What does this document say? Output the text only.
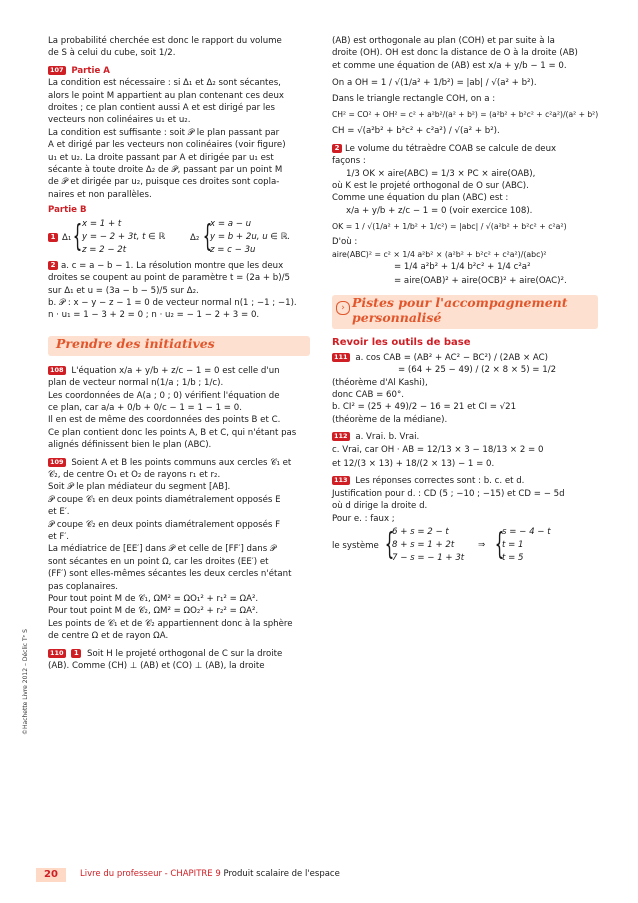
La probabilité cherchée est donc le rapport du volume

de S à celui du cube, soit 1/2.

107 Partie A

La condition est nécessaire : si Δ₁ et Δ₂ sont sécantes,

alors le point M appartient au plan contenant ces deux

droites ; ce plan contient aussi A et est dirigé par les

vecteurs non colinéaires u₁ et u₂.

La condition est suffisante : soit 𝒫 le plan passant par

A et dirigé par les vecteurs non colinéaires (voir figure)

u₁ et u₂. La droite passant par A et dirigée par u₁ est

sécante à toute droite Δ₂ de 𝒫, passant par un point M

de 𝒫 et dirigée par u₂, puisque ces droites sont copla-

naires et non parallèles.

Partie B

1 Δ₁ { x = 1 + t
y = − 2 + 3t, t ∈ ℝ
z = 2 − 2t
Δ₂ {
x = a − u
y = b + 2u, u ∈ ℝ.
z = c − 3u

2 a. c = a − b − 1. La résolution montre que les deux

droites se coupent au point de paramètre t = (2a + b)/5

sur Δ₁ et u = (3a − b − 5)/5 sur Δ₂.

b. 𝒫 : x − y − z − 1 = 0 de vecteur normal n(1 ; −1 ; −1).

n · u₁ = 1 − 3 + 2 = 0 ; n · u₂ = − 1 − 2 + 3 = 0.

Prendre des initiatives

108 L'équation x/a + y/b + z/c − 1 = 0 est celle d'un

plan de vecteur normal n(1/a ; 1/b ; 1/c).

Les coordonnées de A(a ; 0 ; 0) vérifient l'équation de

ce plan, car a/a + 0/b + 0/c − 1 = 1 − 1 = 0.

Il en est de même des coordonnées des points B et C.

Ce plan contient donc les points A, B et C, qui n'étant pas

alignés définissent bien le plan (ABC).

109 Soient A et B les points communs aux cercles 𝒞₁ et

𝒞₂, de centre O₁ et O₂ de rayons r₁ et r₂.

Soit 𝒫 le plan médiateur du segment [AB].

𝒫 coupe 𝒞₁ en deux points diamétralement opposés E

et E′.

𝒫 coupe 𝒞₂ en deux points diamétralement opposés F

et F′.

La médiatrice de [EE′] dans 𝒫 et celle de [FF′] dans 𝒫

sont sécantes en un point Ω, car les droites (EE′) et

(FF′) sont elles-mêmes sécantes les deux cercles n'étant

pas coplanaires.

Pour tout point M de 𝒞₁, ΩM² = ΩO₁² + r₁² = ΩA².

Pour tout point M de 𝒞₂, ΩM² = ΩO₂² + r₂² = ΩA².

Les points de 𝒞₁ et de 𝒞₂ appartiennent donc à la sphère

de centre Ω et de rayon ΩA.

110 1 Soit H le projeté orthogonal de C sur la droite

(AB). Comme (CH) ⊥ (AB) et (CO) ⊥ (AB), la droite

(AB) est orthogonale au plan (COH) et par suite à la

droite (OH). OH est donc la distance de O à la droite (AB)

et comme une équation de (AB) est x/a + y/b − 1 = 0.

On a OH = 1 / √(1/a² + 1/b²) = |ab| / √(a² + b²).

Dans le triangle rectangle COH, on a :

CH² = CO² + OH² = c² + a²b²/(a² + b²) = (a²b² + b²c² + c²a²)/(a² + b²)

CH = √(a²b² + b²c² + c²a²) / √(a² + b²).

2 Le volume du tétraèdre COAB se calcule de deux

façons :

1/3 OK × aire(ABC) = 1/3 × PC × aire(OAB),

où K est le projeté orthogonal de O sur (ABC).

Comme une équation du plan (ABC) est :

x/a + y/b + z/c − 1 = 0 (voir exercice 108).

OK = 1 / √(1/a² + 1/b² + 1/c²) = |abc| / √(a²b² + b²c² + c²a²)

D'où :

aire(ABC)² = c² × 1/4 a²b² × (a²b² + b²c² + c²a²)/(abc)²

= 1/4 a²b² + 1/4 b²c² + 1/4 c²a²

= aire(OAB)² + aire(OCB)² + aire(OAC)².

› Pistes pour l'accompagnement
personnalisé
Revoir les outils de base

111 a. cos CAB = (AB² + AC² − BC²) / (2AB × AC)

= (64 + 25 − 49) / (2 × 8 × 5) = 1/2

(théorème d'Al Kashi),

donc CAB = 60°.

b. CI² = (25 + 49)/2 − 16 = 21 et CI = √21

(théorème de la médiane).

112 a. Vrai. b. Vrai.

c. Vrai, car OH · AB = 12/13 × 3 − 18/13 × 2 = 0

et 12/(3 × 13) + 18/(2 × 13) − 1 = 0.

113 Les réponses correctes sont : b. c. et d.

Justification pour d. : CD (5 ; −10 ; −15) et CD = − 5d

où d dirige la droite d.

Pour e. : faux ;

le système {
6 + s = 2 − t
8 + s = 1 + 2t
7 − s = − 1 + 3t
⇒ {
s = − 4 − t
t = 1
t = 5
©Hachette Livre 2012 – Déclic Tᵉ S
20	Livre du professeur - CHAPITRE 9 Produit scalaire de l'espace
